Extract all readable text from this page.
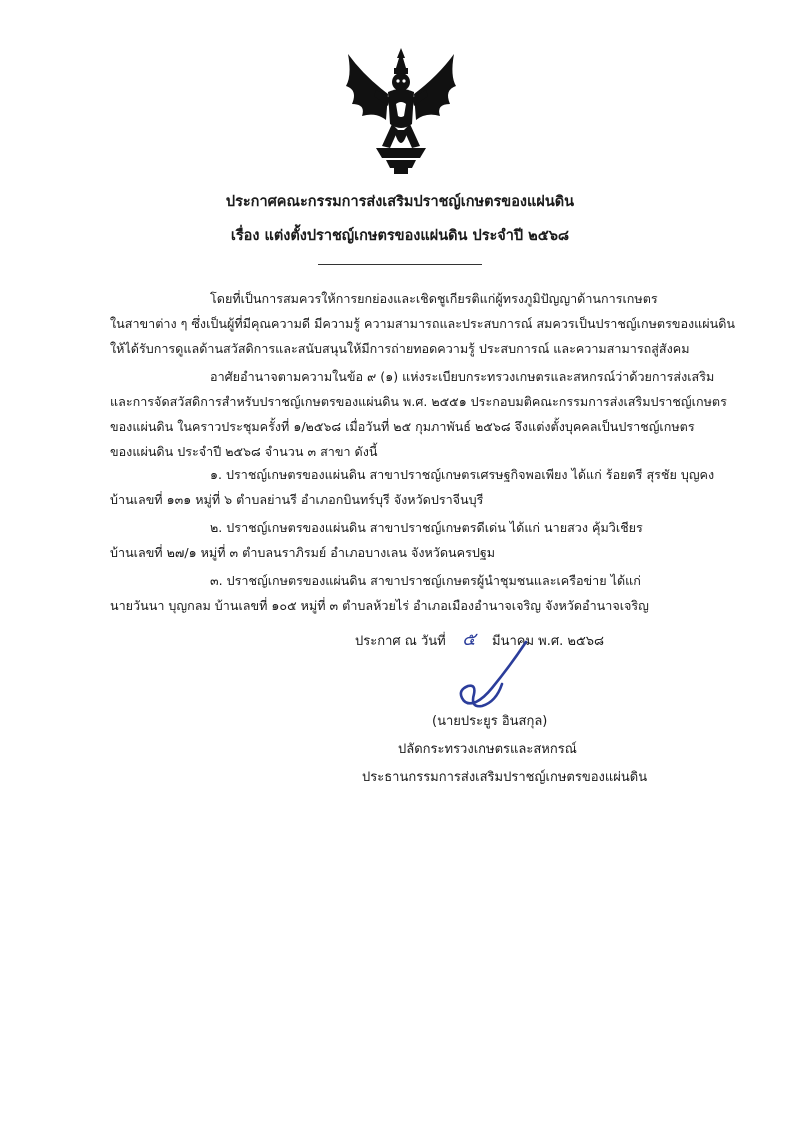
ประกาศคณะกรรมการส่งเสริมปราชญ์เกษตรของแผ่นดิน
เรื่อง แต่งตั้งปราชญ์เกษตรของแผ่นดิน ประจำปี ๒๕๖๘
โดยที่เป็นการสมควรให้การยกย่องและเชิดชูเกียรติแก่ผู้ทรงภูมิปัญญาด้านการเกษตร
ในสาขาต่าง ๆ ซึ่งเป็นผู้ที่มีคุณความดี มีความรู้ ความสามารถและประสบการณ์ สมควรเป็นปราชญ์เกษตรของแผ่นดิน
ให้ได้รับการดูแลด้านสวัสดิการและสนับสนุนให้มีการถ่ายทอดความรู้ ประสบการณ์ และความสามารถสู่สังคม
อาศัยอำนาจตามความในข้อ ๙ (๑) แห่งระเบียบกระทรวงเกษตรและสหกรณ์ว่าด้วยการส่งเสริม
และการจัดสวัสดิการสำหรับปราชญ์เกษตรของแผ่นดิน พ.ศ. ๒๕๕๑ ประกอบมติคณะกรรมการส่งเสริมปราชญ์เกษตร
ของแผ่นดิน ในคราวประชุมครั้งที่ ๑/๒๕๖๘ เมื่อวันที่ ๒๕ กุมภาพันธ์ ๒๕๖๘ จึงแต่งตั้งบุคคลเป็นปราชญ์เกษตร
ของแผ่นดิน ประจำปี ๒๕๖๘ จำนวน ๓ สาขา ดังนี้
๑. ปราชญ์เกษตรของแผ่นดิน สาขาปราชญ์เกษตรเศรษฐกิจพอเพียง ได้แก่ ร้อยตรี สุรชัย บุญคง
บ้านเลขที่ ๑๓๑ หมู่ที่ ๖ ตำบลย่านรี อำเภอกบินทร์บุรี จังหวัดปราจีนบุรี
๒. ปราชญ์เกษตรของแผ่นดิน สาขาปราชญ์เกษตรดีเด่น ได้แก่ นายสวง คุ้มวิเชียร
บ้านเลขที่ ๒๗/๑ หมู่ที่ ๓ ตำบลนราภิรมย์ อำเภอบางเลน จังหวัดนครปฐม
๓. ปราชญ์เกษตรของแผ่นดิน สาขาปราชญ์เกษตรผู้นำชุมชนและเครือข่าย ได้แก่
นายวันนา บุญกลม บ้านเลขที่ ๑๐๕ หมู่ที่ ๓ ตำบลห้วยไร่ อำเภอเมืองอำนาจเจริญ จังหวัดอำนาจเจริญ
ประกาศ ณ วันที่ ๕ มีนาคม พ.ศ. ๒๕๖๘
(นายประยูร อินสกุล)
ปลัดกระทรวงเกษตรและสหกรณ์
ประธานกรรมการส่งเสริมปราชญ์เกษตรของแผ่นดิน
